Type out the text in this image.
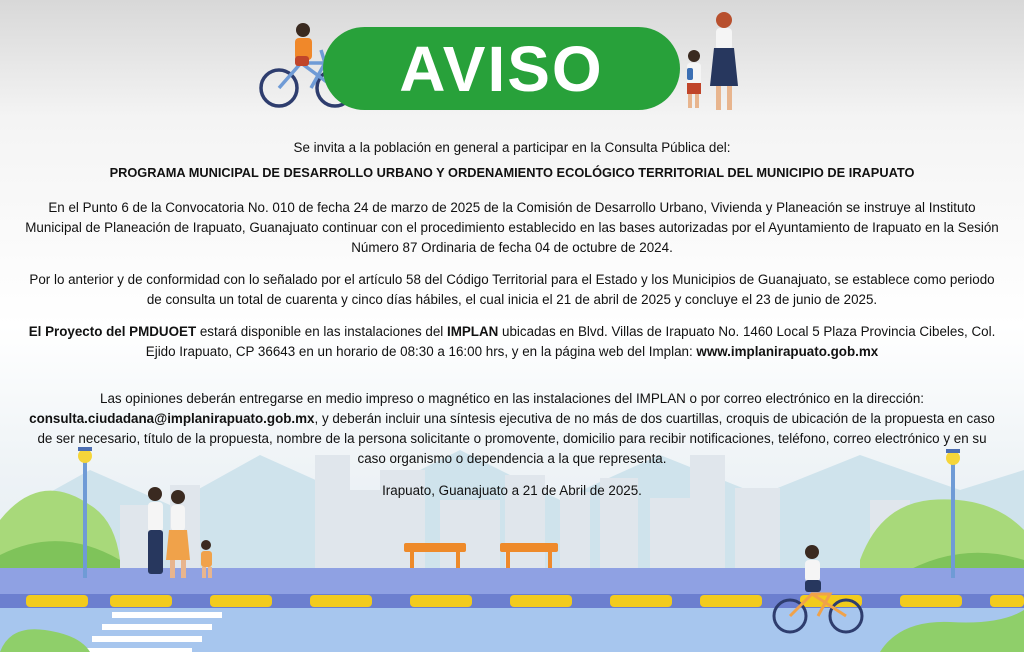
AVISO

Se invita a la población en general a participar en la Consulta Pública del:

PROGRAMA MUNICIPAL DE DESARROLLO URBANO Y ORDENAMIENTO ECOLÓGICO TERRITORIAL DEL MUNICIPIO DE IRAPUATO

En el Punto 6 de la Convocatoria No. 010 de fecha 24 de marzo de 2025 de la Comisión de Desarrollo Urbano, Vivienda y Planeación se instruye al Instituto Municipal de Planeación de Irapuato, Guanajuato continuar con el procedimiento establecido en las bases autorizadas por el Ayuntamiento de Irapuato en la Sesión Número 87 Ordinaria de fecha 04 de octubre de 2024.

Por lo anterior y de conformidad con lo señalado por el artículo 58 del Código Territorial para el Estado y los Municipios de Guanajuato, se establece como periodo de consulta un total de cuarenta y cinco días hábiles, el cual inicia el 21 de abril de 2025 y concluye el 23 de junio de 2025.

El Proyecto del PMDUOET estará disponible en las instalaciones del IMPLAN ubicadas en Blvd. Villas de Irapuato No. 1460 Local 5 Plaza Provincia Cibeles, Col. Ejido Irapuato, CP 36643 en un horario de 08:30 a 16:00 hrs, y en la página web del Implan: www.implanirapuato.gob.mx

Las opiniones deberán entregarse en medio impreso o magnético en las instalaciones del IMPLAN o por correo electrónico en la dirección: consulta.ciudadana@implanirapuato.gob.mx, y deberán incluir una síntesis ejecutiva de no más de dos cuartillas, croquis de ubicación de la propuesta en caso de ser necesario, título de la propuesta, nombre de la persona solicitante o promovente, domicilio para recibir notificaciones, teléfono, correo electrónico y en su caso organismo o dependencia a la que representa.

Irapuato, Guanajuato a 21 de Abril de 2025.
